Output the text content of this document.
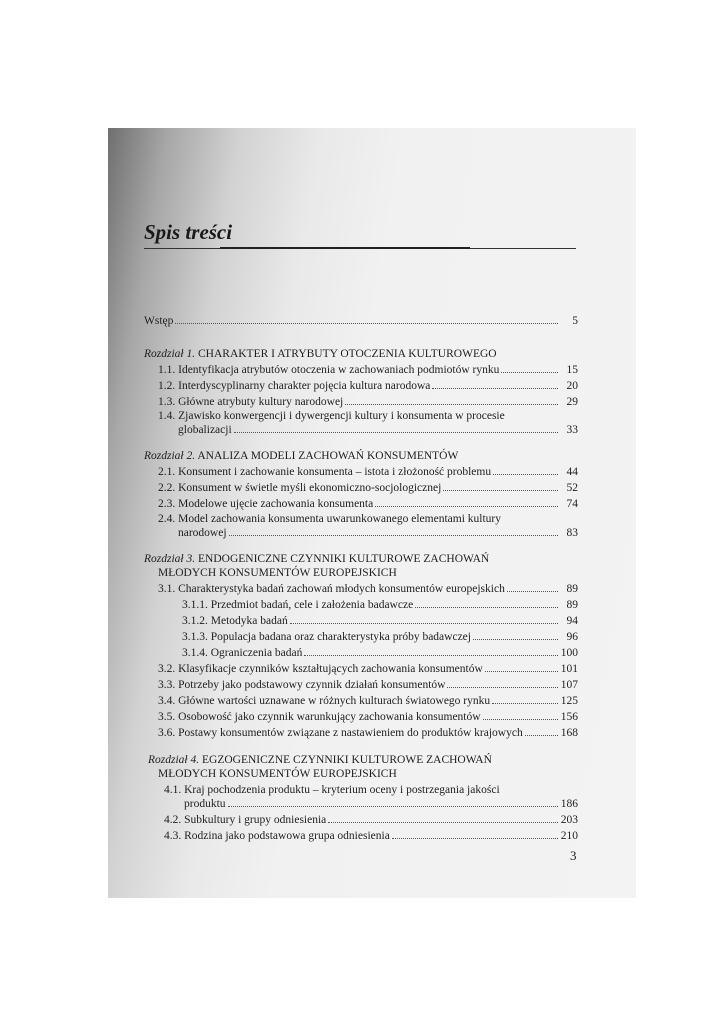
Spis treści
Wstęp	5
Rozdział 1. CHARAKTER I ATRYBUTY OTOCZENIA KULTUROWEGO
1.1. Identyfikacja atrybutów otoczenia w zachowaniach podmiotów rynku	15
1.2. Interdyscyplinarny charakter pojęcia kultura narodowa	20
1.3. Główne atrybuty kultury narodowej	29
1.4. Zjawisko konwergencji i dywergencji kultury i konsumenta w procesie
globalizacji	33
Rozdział 2. ANALIZA MODELI ZACHOWAŃ KONSUMENTÓW
2.1. Konsument i zachowanie konsumenta – istota i złożoność problemu	44
2.2. Konsument w świetle myśli ekonomiczno-socjologicznej	52
2.3. Modelowe ujęcie zachowania konsumenta	74
2.4. Model zachowania konsumenta uwarunkowanego elementami kultury
narodowej	83
Rozdział 3. ENDOGENICZNE CZYNNIKI KULTUROWE ZACHOWAŃ
MŁODYCH KONSUMENTÓW EUROPEJSKICH
3.1. Charakterystyka badań zachowań młodych konsumentów europejskich	89
3.1.1. Przedmiot badań, cele i założenia badawcze	89
3.1.2. Metodyka badań	94
3.1.3. Populacja badana oraz charakterystyka próby badawczej	96
3.1.4. Ograniczenia badań	100
3.2. Klasyfikacje czynników kształtujących zachowania konsumentów	101
3.3. Potrzeby jako podstawowy czynnik działań konsumentów	107
3.4. Główne wartości uznawane w różnych kulturach światowego rynku	125
3.5. Osobowość jako czynnik warunkujący zachowania konsumentów	156
3.6. Postawy konsumentów związane z nastawieniem do produktów krajowych	168
Rozdział 4. EGZOGENICZNE CZYNNIKI KULTUROWE ZACHOWAŃ
MŁODYCH KONSUMENTÓW EUROPEJSKICH
4.1. Kraj pochodzenia produktu – kryterium oceny i postrzegania jakości
produktu	186
4.2. Subkultury i grupy odniesienia	203
4.3. Rodzina jako podstawowa grupa odniesienia	210
3
